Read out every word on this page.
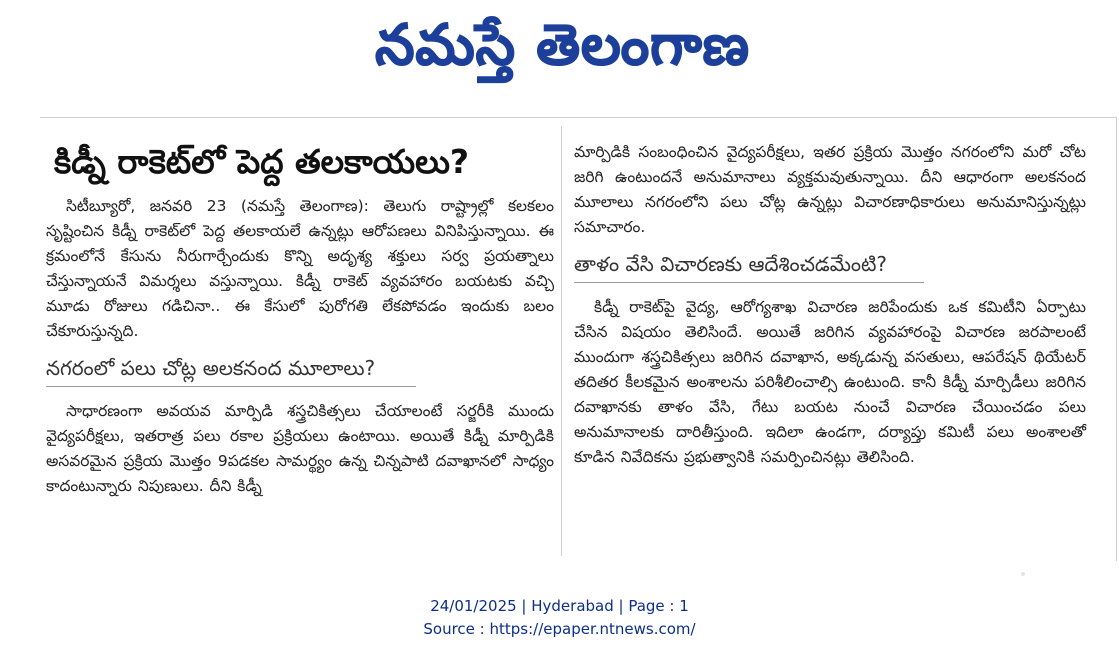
నమస్తే తెలంగాణ
కిడ్నీ రాకెట్‌లో పెద్ద తలకాయలు?

సిటీబ్యూరో, జనవరి 23 (నమస్తే తెలంగాణ): తెలుగు రాష్ట్రాల్లో కలకలం సృష్టించిన కిడ్నీ రాకెట్‌లో పెద్ద తలకాయలే ఉన్నట్లు ఆరోపణలు వినిపిస్తున్నాయి. ఈ క్రమంలోనే కేసును నీరుగార్చేందుకు కొన్ని అదృశ్య శక్తులు సర్వ ప్రయత్నాలు చేస్తున్నాయనే విమర్శలు వస్తున్నాయి. కిడ్నీ రాకెట్ వ్యవహారం బయటకు వచ్చి మూడు రోజులు గడిచినా.. ఈ కేసులో పురోగతి లేకపోవడం ఇందుకు బలం చేకూరుస్తున్నది.

నగరంలో పలు చోట్ల అలకనంద మూలాలు?

సాధారణంగా అవయవ మార్పిడి శస్త్రచికిత్సలు చేయాలంటే సర్జరీకి ముందు వైద్యపరీక్షలు, ఇతరాత్ర పలు రకాల ప్రక్రియలు ఉంటాయి. అయితే కిడ్నీ మార్పిడికి అసవరమైన ప్రక్రియ మొత్తం 9పడకల సామర్థ్యం ఉన్న చిన్నపాటి దవాఖానలో సాధ్యం కాదంటున్నారు నిపుణులు. దీని కిడ్నీ

మార్పిడికి సంబంధించిన వైద్యపరీక్షలు, ఇతర ప్రక్రియ మొత్తం నగరంలోని మరో చోట జరిగి ఉంటుందనే అనుమానాలు వ్యక్తమవుతున్నాయి. దీని ఆధారంగా అలకనంద మూలాలు నగరంలోని పలు చోట్ల ఉన్నట్లు విచారణాధికారులు అనుమానిస్తున్నట్లు సమాచారం.

తాళం వేసి విచారణకు ఆదేశించడమేంటి?

కిడ్నీ రాకెట్‌పై వైద్య, ఆరోగ్యశాఖ విచారణ జరిపేందుకు ఒక కమిటీని ఏర్పాటు చేసిన విషయం తెలిసిందే. అయితే జరిగిన వ్యవహారంపై విచారణ జరపాలంటే ముందుగా శస్త్రచికిత్సలు జరిగిన దవాఖాన, అక్కడున్న వసతులు, ఆపరేషన్ థియేటర్ తదితర కీలకమైన అంశాలను పరిశీలించాల్సి ఉంటుంది. కానీ కిడ్నీ మార్పిడీలు జరిగిన దవాఖానకు తాళం వేసి, గేటు బయట నుంచే విచారణ చేయించడం పలు అనుమానాలకు దారితీస్తుంది. ఇదిలా ఉండగా, దర్యాప్తు కమిటీ పలు అంశాలతో కూడిన నివేదికను ప్రభుత్వానికి సమర్పించినట్లు తెలిసింది.

24/01/2025 | Hyderabad | Page : 1
Source : https://epaper.ntnews.com/
